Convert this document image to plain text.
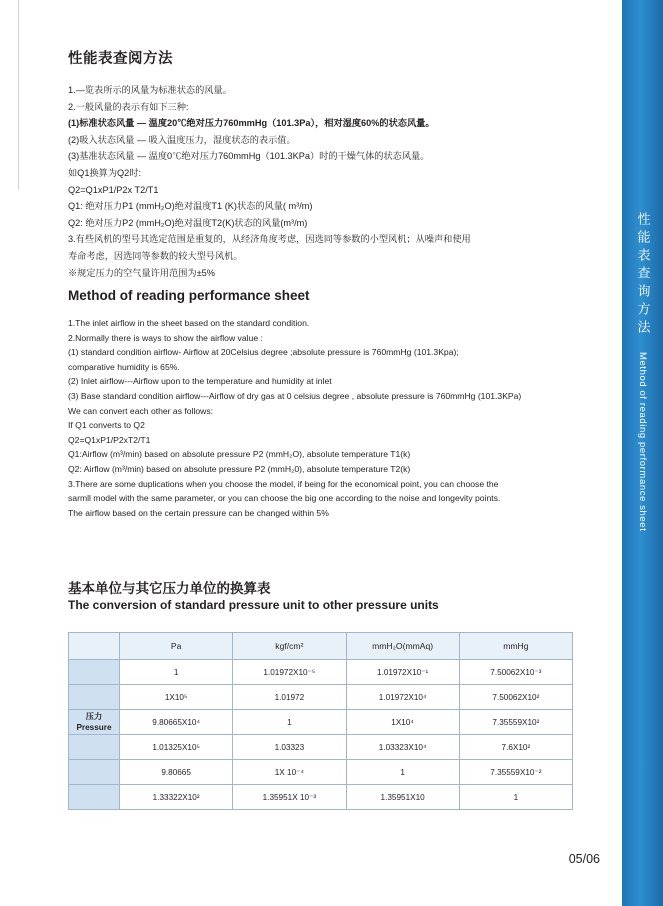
性能表查询方法
Method of reading performance sheet
性能表查阅方法

1.—览表所示的风量为标准状态的风量。

2.一般风量的表示有如下三种:

(1)标准状态风量 — 温度20℃绝对压力760mmHg（101.3Pa），相对湿度60%的状态风量。

(2)吸入状态风量 — 吸入温度压力，湿度状态的表示值。

(3)基准状态风量 — 温度0℃绝对压力760mmHg（101.3KPa）时的干燥气体的状态风量。

如Q1换算为Q2时:

Q2=Q1xP1/P2x T2/T1

Q1: 绝对压力P1 (mmH₂O)绝对温度T1 (K)状态的风量( m³/m)

Q2: 绝对压力P2 (mmH₂O)绝对温度T2(K)状态的风量(m³/m)

3.有些风机的型号其选定范围是重复的，从经济角度考虑，因选同等参数的小型风机；从噪声和使用

寿命考虑，因选同等参数的较大型号风机。

※规定压力的空气量许用范围为±5%

Method of reading performance sheet

1.The inlet airflow in the sheet based on the standard condition.

2.Normally there is ways to show the airflow value :

(1) standard condition airflow- Airflow at 20Celsius degree ;absolute pressure is 760mmHg (101.3Kpa);

comparative humidity is 65%.

(2) Inlet airflow---Airflow upon to the temperature and humidity at inlet

(3) Base standard condition airflow---Airflow of dry gas at 0 celsius degree , absolute pressure is 760mmHg (101.3KPa)

We can convert each other as follows:

If Q1 converts to Q2

Q2=Q1xP1/P2xT2/T1

Q1:Airflow (m³/min) based on absolute pressure P2 (mmH₂O), absolute temperature T1(k)

Q2: Airflow (m³/min) based on absolute pressure P2 (mmH₂0), absolute temperature T2(k)

3.There are some duplications when you choose the model, if being for the economical point, you can choose the

sarmll model with the same parameter, or you can choose the big one according to the noise and longevity points.

The airflow based on the certain pressure can be changed within 5%

基本单位与其它压力单位的换算表
The conversion of standard pressure unit to other pressure units
	Pa	kgf/cm²	mmH₂O(mmAq)	mmHg
	1	1.01972X10⁻⁵	1.01972X10⁻¹	7.50062X10⁻³
	1X10⁵	1.01972	1.01972X10⁴	7.50062X10²
压力
Pressure	9.80665X10⁴	1	1X10⁴	7.35559X10²
	1.01325X10⁵	1.03323	1.03323X10⁴	7.6X10²
	9.80665	1X 10⁻⁴	1	7.35559X10⁻²
	1.33322X10²	1.35951X 10⁻³	1.35951X10	1
05/06
